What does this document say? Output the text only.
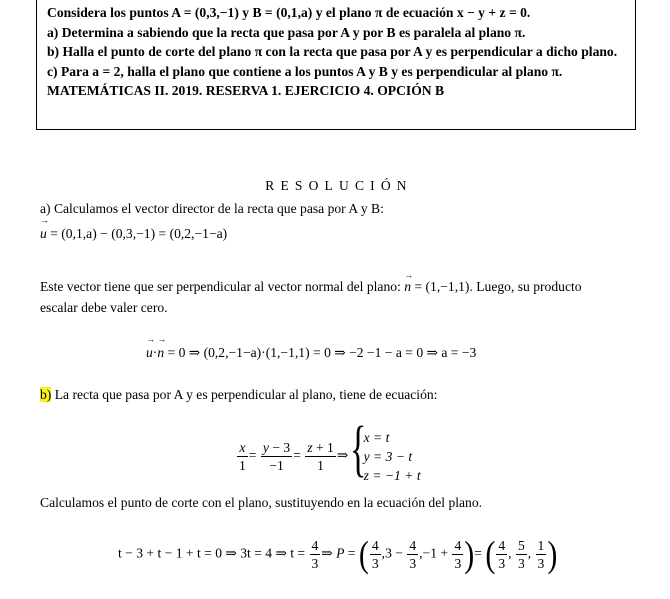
Considera los puntos A = (0,3,−1) y B = (0,1,a) y el plano π de ecuación x − y + z = 0.

a) Determina a sabiendo que la recta que pasa por A y por B es paralela al plano π.

b) Halla el punto de corte del plano π con la recta que pasa por A y es perpendicular a dicho plano.

c) Para a = 2, halla el plano que contiene a los puntos A y B y es perpendicular al plano π.

MATEMÁTICAS II. 2019. RESERVA 1. EJERCICIO 4. OPCIÓN B

RESOLUCIÓN
a) Calculamos el vector director de la recta que pasa por A y B:
→ u = (0,1,a) − (0,3,−1) = (0,2,−1−a)
Este vector tiene que ser perpendicular al vector normal del plano: → n = (1,−1,1). Luego, su producto
escalar debe valer cero.
→ u·→ n = 0 ⇒ (0,2,−1−a)·(1,−1,1) = 0 ⇒ −2 −1 − a = 0 ⇒ a = −3
b) La recta que pasa por A y es perpendicular al plano, tiene de ecuación:
$\frac{x}{1} = \frac{y - 3}{-1} = \frac{z + 1}{1}$ ⇒
{
x = t
y = 3 − t
z = −1 + t
Calculamos el punto de corte con el plano, sustituyendo en la ecuación del plano.
t − 3 + t − 1 + t = 0 ⇒ 3t = 4 ⇒ $t = \frac{4}{3}$ ⇒ P = ( $\frac{4}{3} ,3 - \frac{4}{3} ,-1 + \frac{4}{3}$ )= ( $\frac{4}{3}$ , $\frac{5}{3}$ , $\frac{1}{3}$ )
